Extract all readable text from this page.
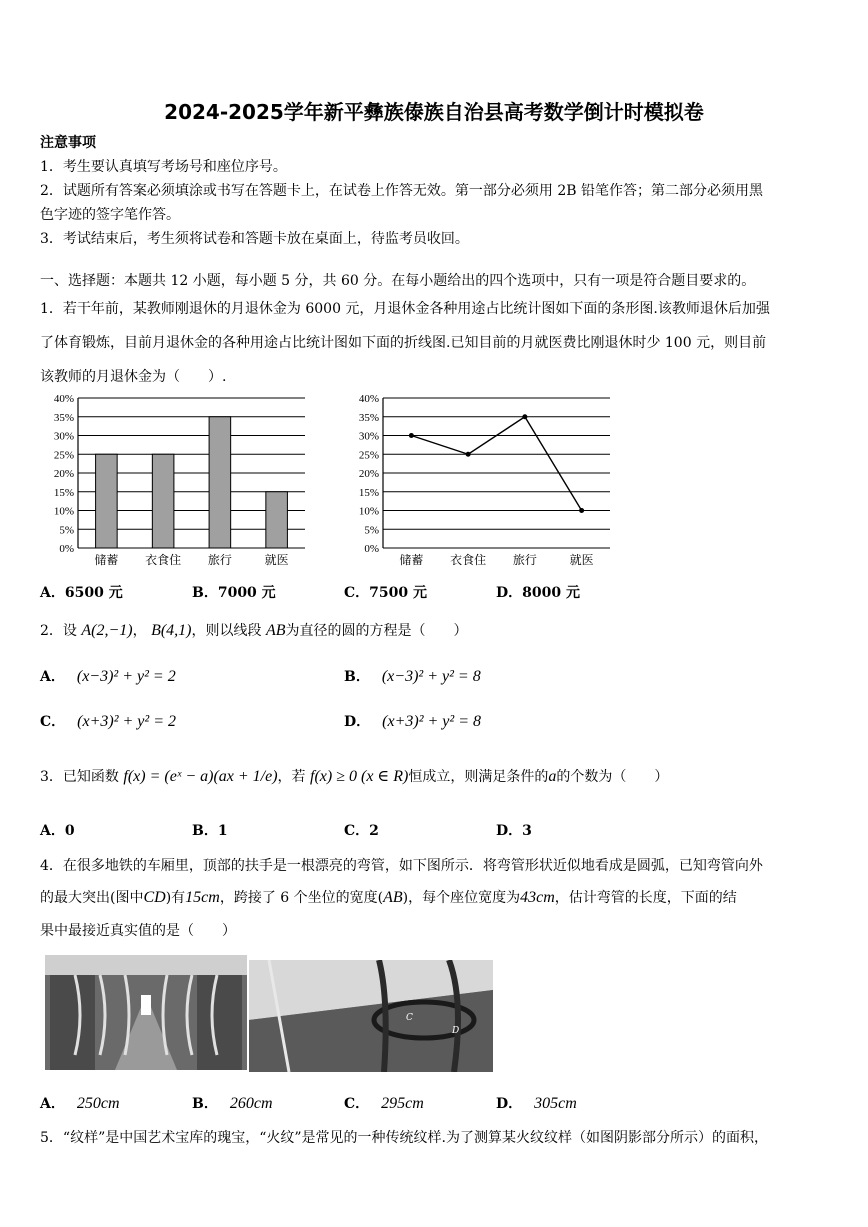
2024-2025学年新平彝族傣族自治县高考数学倒计时模拟卷
注意事项
1．考生要认真填写考场号和座位序号。
2．试题所有答案必须填涂或书写在答题卡上，在试卷上作答无效。第一部分必须用 2B 铅笔作答；第二部分必须用黑
色字迹的签字笔作答。
3．考试结束后，考生须将试卷和答题卡放在桌面上，待监考员收回。
一、选择题：本题共 12 小题，每小题 5 分，共 60 分。在每小题给出的四个选项中，只有一项是符合题目要求的。
1．若干年前，某教师刚退休的月退休金为 6000 元，月退休金各种用途占比统计图如下面的条形图.该教师退休后加强
了体育锻炼，目前月退休金的各种用途占比统计图如下面的折线图.已知目前的月就医费比刚退休时少 100 元，则目前
该教师的月退休金为（　　）.
0%
5%
10%
15%
20%
25%
30%
35%
40%
储蓄 衣食住 旅行	就医
0%
5%
10%
15%
20%
25%
30%
35%
40%
储蓄 衣食住 旅行	就医
A．6500 元	B．7000 元	C．7500 元	D．8000 元
2．设 A(2,−1)， B(4,1)，则以线段 AB为直径的圆的方程是（　　）
A． (x−3)² + y² = 2	B． (x−3)² + y² = 8
C． (x+3)² + y² = 2	D． (x+3)² + y² = 8
3．已知函数 f(x) = (eˣ − a)(ax + 1/e)，若 f(x) ≥ 0 (x ∈ R)恒成立，则满足条件的a的个数为（　　）
A．0	B．1	C．2	D．3
4．在很多地铁的车厢里，顶部的扶手是一根漂亮的弯管，如下图所示．将弯管形状近似地看成是圆弧，已知弯管向外
的最大突出(图中CD)有15cm，跨接了 6 个坐位的宽度(AB)，每个座位宽度为43cm，估计弯管的长度，下面的结
果中最接近真实值的是（　　）
C
D
A． 250cm	B． 260cm	C． 295cm	D． 305cm
5．“纹样”是中国艺术宝库的瑰宝，“火纹”是常见的一种传统纹样.为了测算某火纹纹样（如图阴影部分所示）的面积，
